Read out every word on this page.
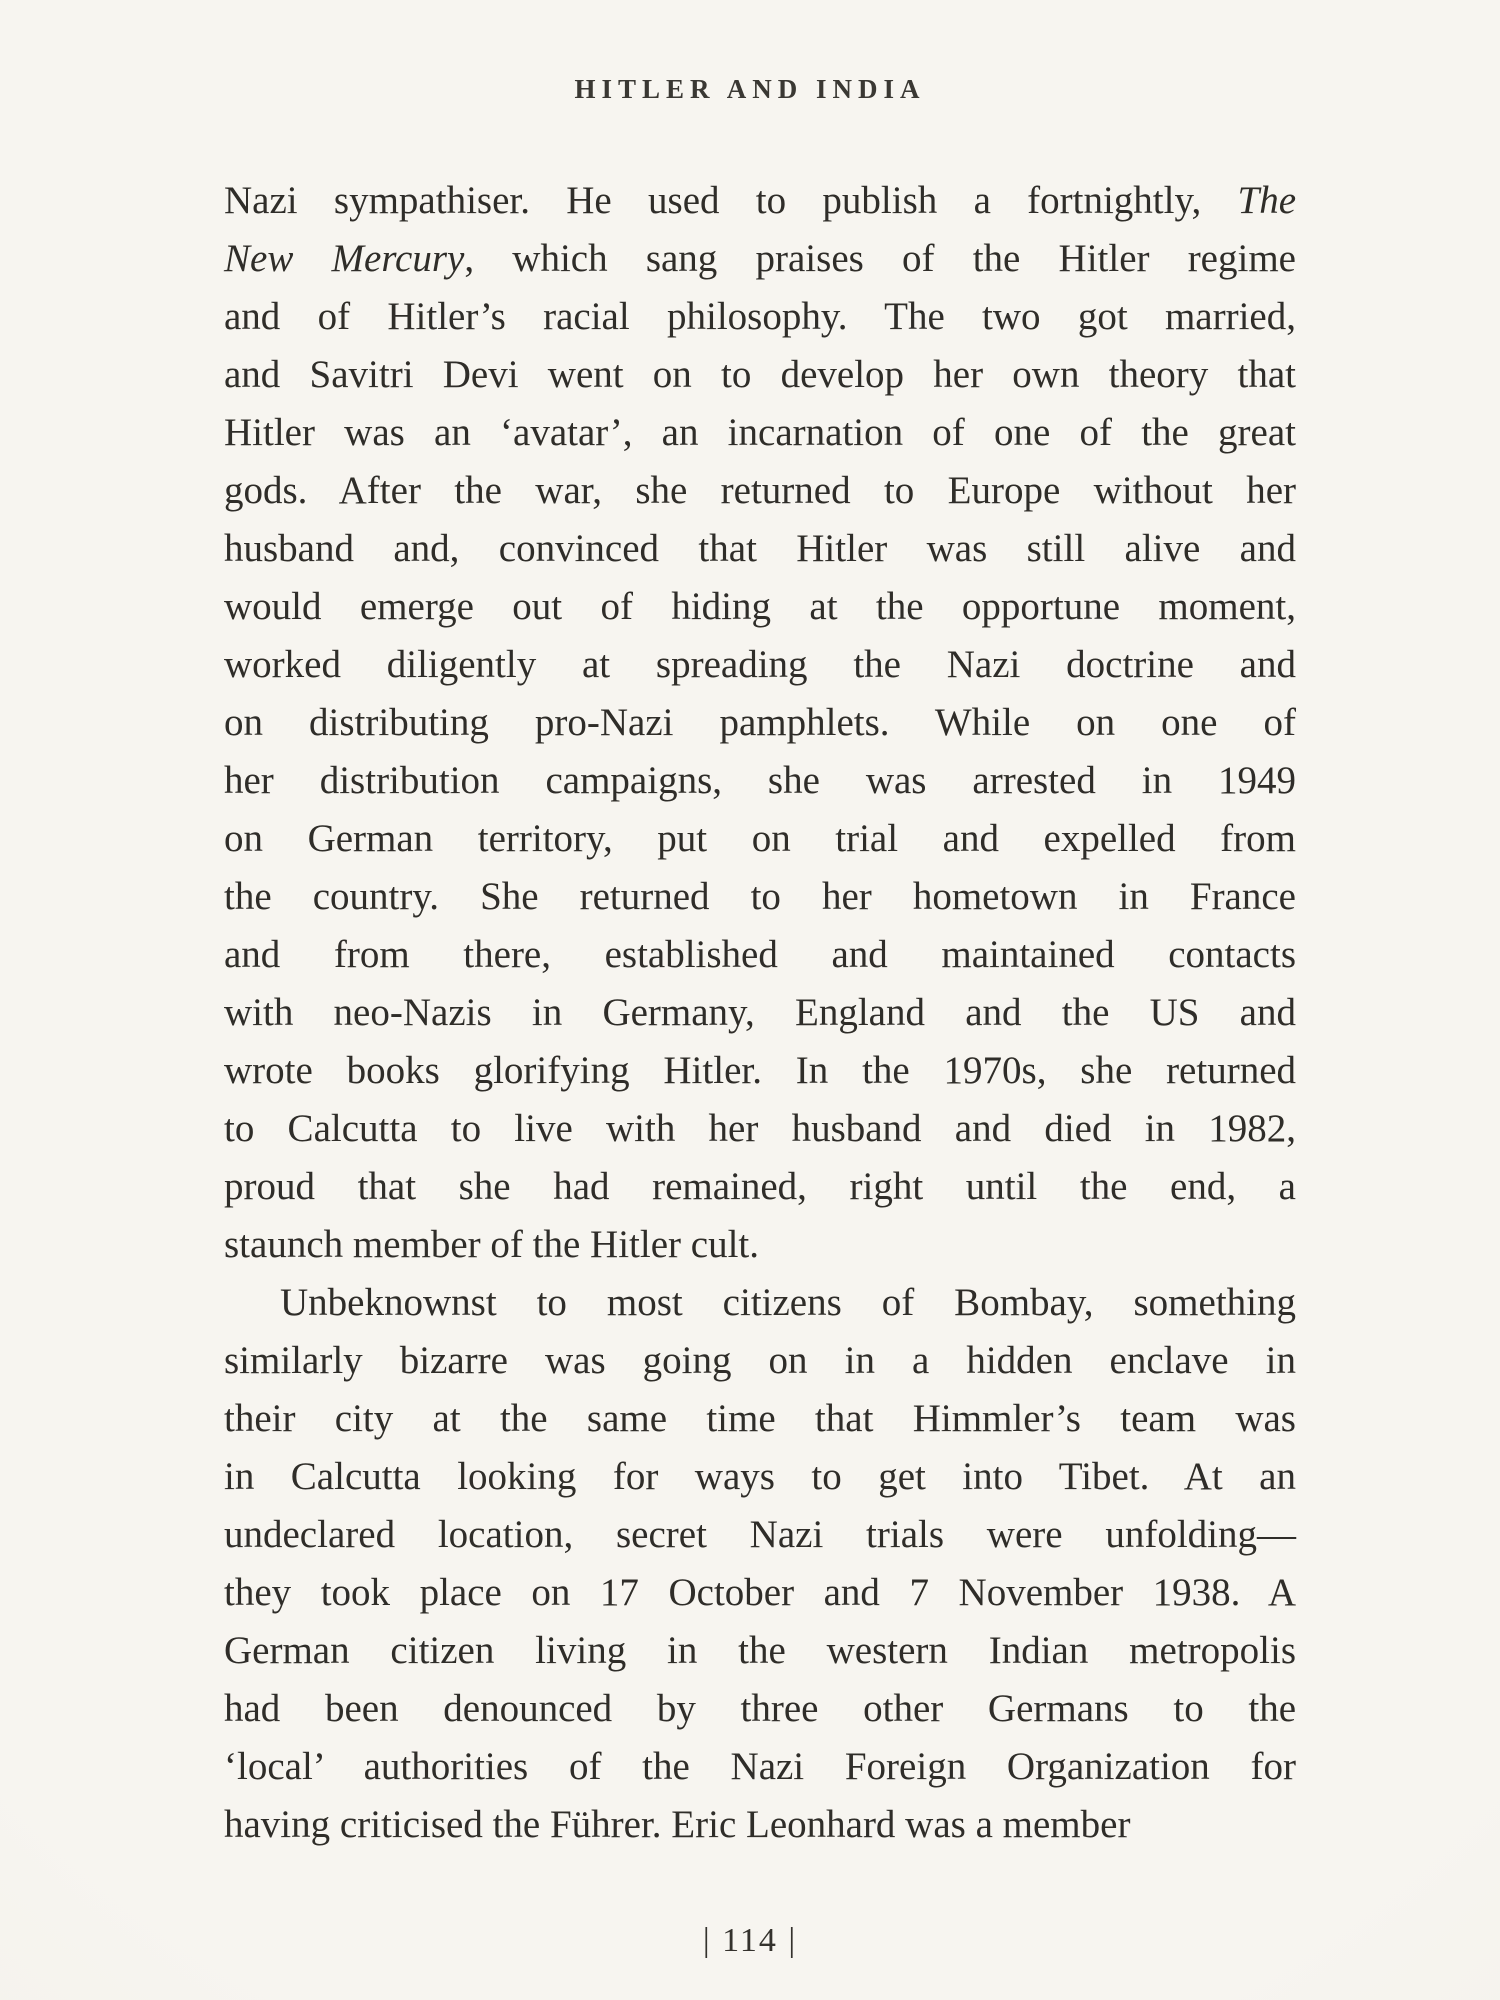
HITLER AND INDIA
Nazi sympathiser. He used to publish a fortnightly, The
New Mercury, which sang praises of the Hitler regime
and of Hitler’s racial philosophy. The two got married,
and Savitri Devi went on to develop her own theory that
Hitler was an ‘avatar’, an incarnation of one of the great
gods. After the war, she returned to Europe without her
husband and, convinced that Hitler was still alive and
would emerge out of hiding at the opportune moment,
worked diligently at spreading the Nazi doctrine and
on distributing pro-Nazi pamphlets. While on one of
her distribution campaigns, she was arrested in 1949
on German territory, put on trial and expelled from
the country. She returned to her hometown in France
and from there, established and maintained contacts
with neo-Nazis in Germany, England and the US and
wrote books glorifying Hitler. In the 1970s, she returned
to Calcutta to live with her husband and died in 1982,
proud that she had remained, right until the end, a
staunch member of the Hitler cult.
Unbeknownst to most citizens of Bombay, something
similarly bizarre was going on in a hidden enclave in
their city at the same time that Himmler’s team was
in Calcutta looking for ways to get into Tibet. At an
undeclared location, secret Nazi trials were unfolding—
they took place on 17 October and 7 November 1938. A
German citizen living in the western Indian metropolis
had been denounced by three other Germans to the
‘local’ authorities of the Nazi Foreign Organization for
having criticised the Führer. Eric Leonhard was a member
| 114 |
